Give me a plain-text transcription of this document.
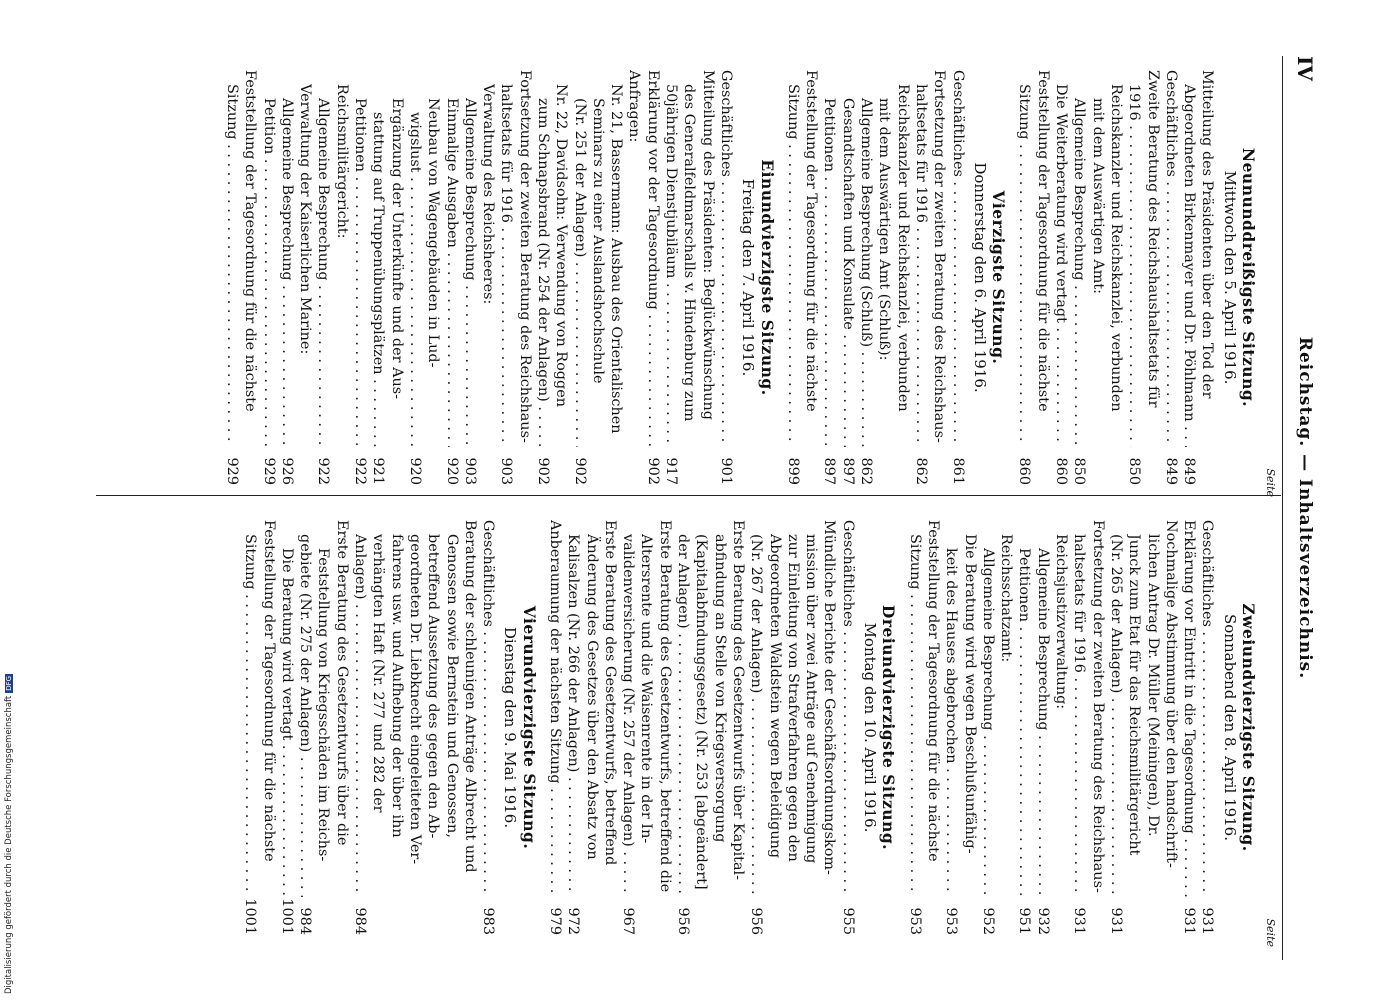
IV
Reichstag. — Inhaltsverzeichnis.
Seite
Neununddreißigste Sitzung.
Mittwoch den 5. April 1916.
Mitteilung des Präsidenten über den Tod der
Abgeordneten Birkenmayer und Dr. Pöhlmann . . .
849
Geschäftliches . . .
849
Zweite Beratung des Reichshaushaltsetats für
1916 . . .
850
Reichskanzler und Reichskanzlei, verbunden
mit dem Auswärtigen Amt:
Allgemeine Besprechung . . .
850
Die Weiterberatung wird vertagt . . .
860
Feststellung der Tagesordnung für die nächste
Sitzung . . .
860
Vierzigste Sitzung.
Donnerstag den 6. April 1916.
Geschäftliches . . .
861
Fortsetzung der zweiten Beratung des Reichshaus-
haltsetats für 1916 . . .
862
Reichskanzler und Reichskanzlei, verbunden
mit dem Auswärtigen Amt (Schluß):
Allgemeine Besprechung (Schluß) . . .
862
Gesandtschaften und Konsulate . . .
897
Petitionen . . .
897
Feststellung der Tagesordnung für die nächste
Sitzung . . .
899
Einundvierzigste Sitzung.
Freitag den 7. April 1916.
Geschäftliches . . .
901
Mitteilung des Präsidenten: Beglückwünschung
des Generalfeldmarschalls v. Hindenburg zum
50jährigen Dienstjubiläum . . .
917
Erklärung vor der Tagesordnung . . .
902
Anfragen:
Nr. 21, Bassermann: Ausbau des Orientalischen
Seminars zu einer Auslandshochschule
(Nr. 251 der Anlagen) . . .
902
Nr. 22, Davidsohn: Verwendung von Roggen
zum Schnapsbrand (Nr. 254 der Anlagen) . . .
902
Fortsetzung der zweiten Beratung des Reichshaus-
haltsetats für 1916 . . .
903
Verwaltung des Reichsheeres:
Allgemeine Besprechung . . .
903
Einmalige Ausgaben . . .
920
Neubau von Wagengebäuden in Lud-
wigslust . . .
920
Ergänzung der Unterkünfte und der Aus-
stattung auf Truppenübungsplätzen . . .
921
Petitionen . . .
922
Reichsmilitärgericht:
Allgemeine Besprechung . . .
922
Verwaltung der Kaiserlichen Marine:
Allgemeine Besprechung . . .
926
Petition . . .
929
Feststellung der Tagesordnung für die nächste
Sitzung . . .
929
Seite
Zweiundvierzigste Sitzung.
Sonnabend den 8. April 1916.
Geschäftliches . . .
931
Erklärung vor Eintritt in die Tagesordnung . . .
931
Nochmalige Abstimmung über den handschrift-
lichen Antrag Dr. Müller (Meiningen), Dr.
Junck zum Etat für das Reichsmilitärgericht
(Nr. 265 der Anlagen) . . .
931
Fortsetzung der zweiten Beratung des Reichshaus-
haltsetats für 1916 . . .
931
Reichsjustizverwaltung:
Allgemeine Besprechung . . .
932
Petitionen . . .
951
Reichsschatzamt:
Allgemeine Besprechung . . .
952
Die Beratung wird wegen Beschlußunfähig-
keit des Hauses abgebrochen . . .
953
Feststellung der Tagesordnung für die nächste
Sitzung . . .
953
Dreiundvierzigste Sitzung.
Montag den 10. April 1916.
Geschäftliches . . .
955
Mündliche Berichte der Geschäftsordnungskom-
mission über zwei Anträge auf Genehmigung
zur Einleitung von Strafverfahren gegen den
Abgeordneten Waldstein wegen Beleidigung
(Nr. 267 der Anlagen) . . .
956
Erste Beratung des Gesetzentwurfs über Kapital-
abfindung an Stelle von Kriegsversorgung
(Kapitalabfindungsgesetz) (Nr. 253 [abgeändert]
der Anlagen) . . .
956
Erste Beratung des Gesetzentwurfs, betreffend die
Altersrente und die Waisenrente in der In-
validenversicherung (Nr. 257 der Anlagen) . . .
967
Erste Beratung des Gesetzentwurfs, betreffend
Änderung des Gesetzes über den Absatz von
Kalisalzen (Nr. 266 der Anlagen) . . .
972
Anberaumung der nächsten Sitzung . . .
979
Vierundvierzigste Sitzung.
Dienstag den 9. Mai 1916.
Geschäftliches . . .
983
Beratung der schleunigen Anträge Albrecht und
Genossen sowie Bernstein und Genossen,
betreffend Aussetzung des gegen den Ab-
geordneten Dr. Liebknecht eingeleiteten Ver-
fahrens usw. und Aufhebung der über ihn
verhängten Haft (Nr. 277 und 282 der
Anlagen) . . .
984
Erste Beratung des Gesetzentwurfs über die
Feststellung von Kriegsschäden im Reichs-
gebiete (Nr. 275 der Anlagen) . . .
984
Die Beratung wird vertagt . . .
1001
Feststellung der Tagesordnung für die nächste
Sitzung . . .
1001
Digitalisierung gefördert durch die Deutsche ForschungsgemeinschaftDFG
